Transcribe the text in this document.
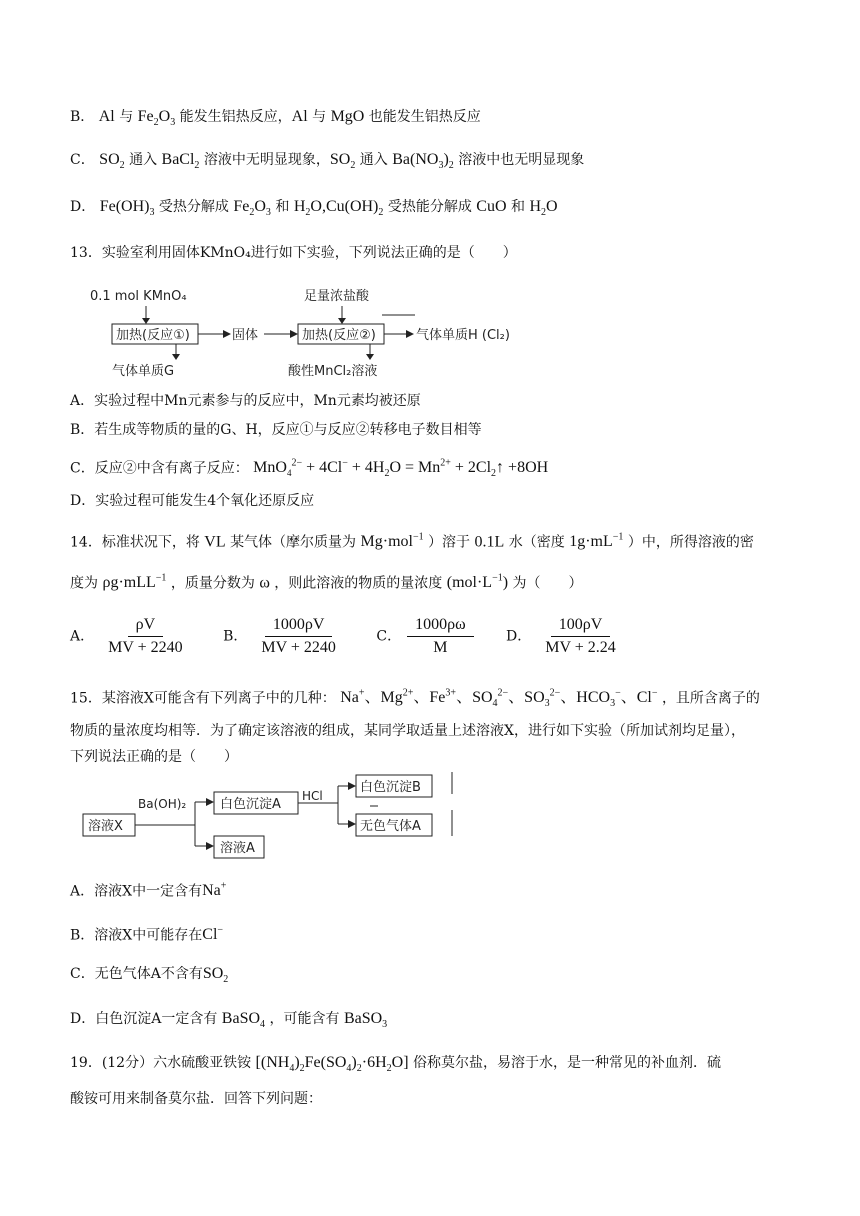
B． Al 与 $Fe_2O_3$ 能发生铝热反应，Al 与 MgO 也能发生铝热反应
C． $SO_2$ 通入 BaCl$_2$ 溶液中无明显现象，$SO_2$ 通入 $Ba(NO_3)_2$ 溶液中也无明显现象
D． $Fe(OH)_3$ 受热分解成 $Fe_2O_3$ 和 $H_2O,Cu(OH)_2$ 受热能分解成 CuO 和 $H_2O$
13．实验室利用固体KMnO₄进行如下实验，下列说法正确的是（　　）
0.1 mol KMnO₄	足量浓盐酸
加热(反应①)	固体	加热(反应②)	气体单质H (Cl₂)
气体单质G	酸性MnCl₂溶液
A．实验过程中Mn元素参与的反应中，Mn元素均被还原
B．若生成等物质的量的G、H，反应①与反应②转移电子数目相等
C．反应②中含有离子反应： $MnO_4^{2-} + 4Cl^- + 4H_2O = Mn^{2+}$ + $2Cl_2↑ +8OH$
D．实验过程可能发生4个氧化还原反应
14．标准状况下，将 VL 某气体（摩尔质量为 Mg·mol$^{-1}$ ）溶于 0.1L 水（密度 $1g\cdot mL^{-1}$ ）中，所得溶液的密
度为 ρg·mLL$^{-1}$ ，质量分数为 ω ，则此溶液的物质的量浓度 $(mol\cdot L^{-1})$ 为（　　）
A． $\frac{\rho V}{MV + 2240}$ B． $\frac{1000\rho V}{MV + 2240}$ C． $\frac{1000\rho\omega}{M}$ D． $\frac{100\rho V}{MV + 2.24}$
15．某溶液X可能含有下列离子中的几种： Na+、$Mg^{2+}$、$Fe^{3+}$、$SO_4^{2-}$、$SO_3^{2-}$、$HCO_3^-$、Cl− ，且所含离子的
物质的量浓度均相等．为了确定该溶液的组成，某同学取适量上述溶液X，进行如下实验（所加试剂均足量），
下列说法正确的是（　　）
溶液X
Ba(OH)₂	白色沉淀A
溶液A
HCl
白色沉淀B
无色气体A
A．溶液X中一定含有Na+
B．溶液X中可能存在Cl−
C．无色气体A不含有$SO_2$
D．白色沉淀A一定含有 BaSO$_4$ ，可能含有 BaSO$_3$
19．(12分）六水硫酸亚铁铵 $[(NH_4)_2Fe(SO_4)_2\cdot 6H_2O]$ 俗称莫尔盐，易溶于水，是一种常见的补血剂．硫
酸铵可用来制备莫尔盐．回答下列问题：
